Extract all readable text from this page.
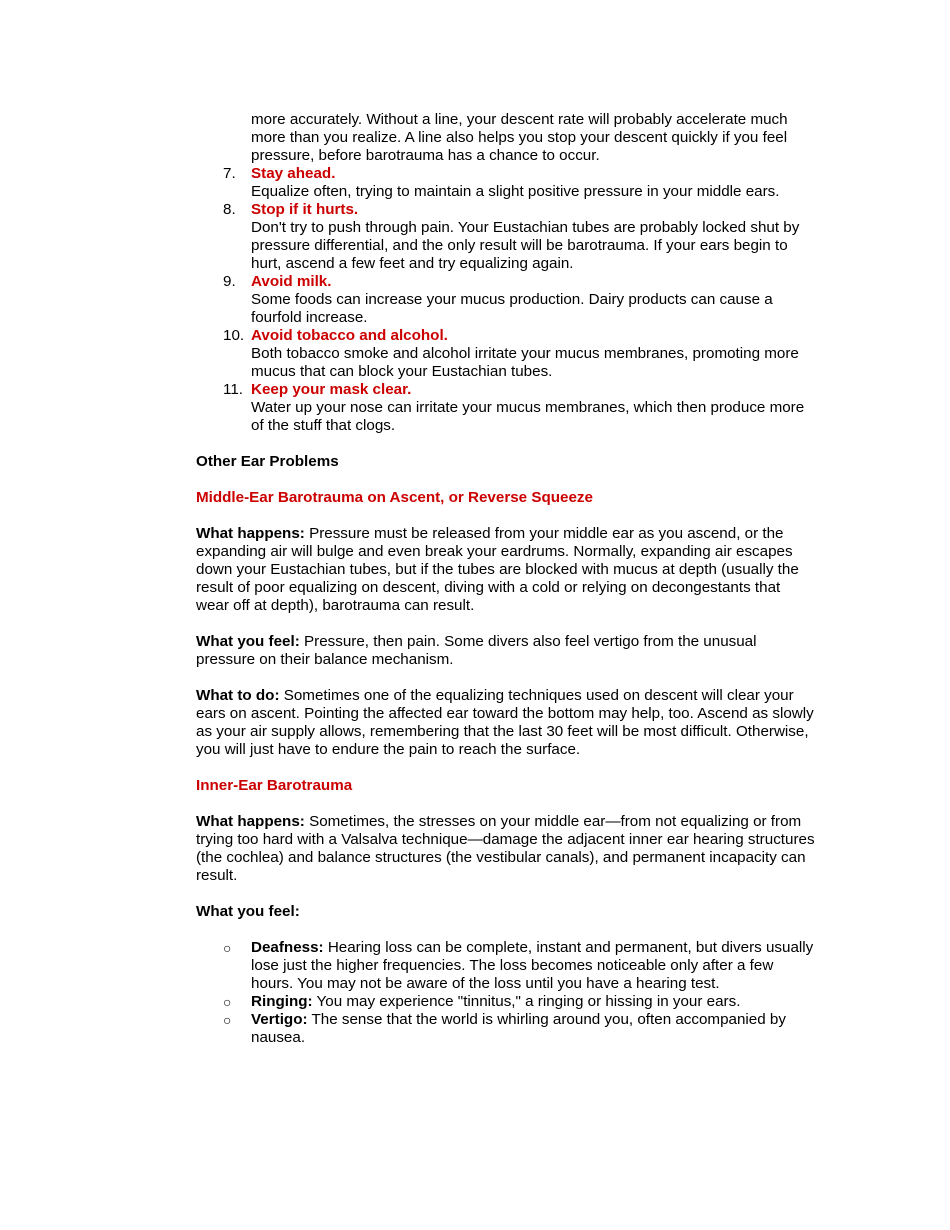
more accurately. Without a line, your descent rate will probably accelerate much more than you realize. A line also helps you stop your descent quickly if you feel pressure, before barotrauma has a chance to occur.

7. Stay ahead.
Equalize often, trying to maintain a slight positive pressure in your middle ears.
8. Stop if it hurts.
Don't try to push through pain. Your Eustachian tubes are probably locked shut by pressure differential, and the only result will be barotrauma. If your ears begin to hurt, ascend a few feet and try equalizing again.
9. Avoid milk.
Some foods can increase your mucus production. Dairy products can cause a fourfold increase.
10. Avoid tobacco and alcohol.
Both tobacco smoke and alcohol irritate your mucus membranes, promoting more mucus that can block your Eustachian tubes.
11. Keep your mask clear.
Water up your nose can irritate your mucus membranes, which then produce more of the stuff that clogs.

Other Ear Problems

Middle-Ear Barotrauma on Ascent, or Reverse Squeeze

What happens: Pressure must be released from your middle ear as you ascend, or the expanding air will bulge and even break your eardrums. Normally, expanding air escapes down your Eustachian tubes, but if the tubes are blocked with mucus at depth (usually the result of poor equalizing on descent, diving with a cold or relying on decongestants that wear off at depth), barotrauma can result.

What you feel: Pressure, then pain. Some divers also feel vertigo from the unusual pressure on their balance mechanism.

What to do: Sometimes one of the equalizing techniques used on descent will clear your ears on ascent. Pointing the affected ear toward the bottom may help, too. Ascend as slowly as your air supply allows, remembering that the last 30 feet will be most difficult. Otherwise, you will just have to endure the pain to reach the surface.

Inner-Ear Barotrauma

What happens: Sometimes, the stresses on your middle ear—from not equalizing or from trying too hard with a Valsalva technique—damage the adjacent inner ear hearing structures (the cochlea) and balance structures (the vestibular canals), and permanent incapacity can result.

What you feel:

○ Deafness: Hearing loss can be complete, instant and permanent, but divers usually lose just the higher frequencies. The loss becomes noticeable only after a few hours. You may not be aware of the loss until you have a hearing test.
○ Ringing: You may experience "tinnitus," a ringing or hissing in your ears.
○ Vertigo: The sense that the world is whirling around you, often accompanied by nausea.
